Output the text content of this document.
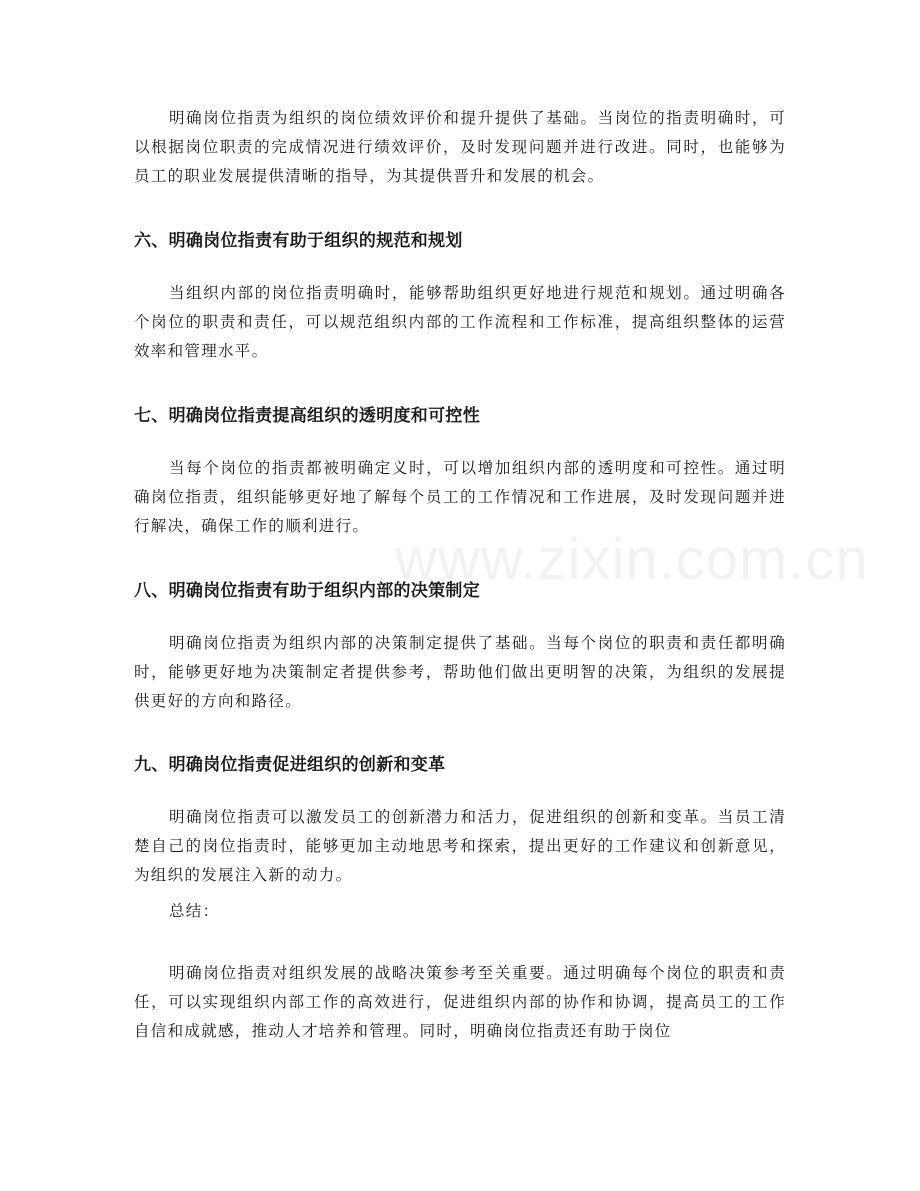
www.zixin.com.cn

明确岗位指责为组织的岗位绩效评价和提升提供了基础。当岗位的指责明确时，可以根据岗位职责的完成情况进行绩效评价，及时发现问题并进行改进。同时，也能够为员工的职业发展提供清晰的指导，为其提供晋升和发展的机会。

六、明确岗位指责有助于组织的规范和规划

当组织内部的岗位指责明确时，能够帮助组织更好地进行规范和规划。通过明确各个岗位的职责和责任，可以规范组织内部的工作流程和工作标准，提高组织整体的运营效率和管理水平。

七、明确岗位指责提高组织的透明度和可控性

当每个岗位的指责都被明确定义时，可以增加组织内部的透明度和可控性。通过明确岗位指责，组织能够更好地了解每个员工的工作情况和工作进展，及时发现问题并进行解决，确保工作的顺利进行。

八、明确岗位指责有助于组织内部的决策制定

明确岗位指责为组织内部的决策制定提供了基础。当每个岗位的职责和责任都明确时，能够更好地为决策制定者提供参考，帮助他们做出更明智的决策，为组织的发展提供更好的方向和路径。

九、明确岗位指责促进组织的创新和变革

明确岗位指责可以激发员工的创新潜力和活力，促进组织的创新和变革。当员工清楚自己的岗位指责时，能够更加主动地思考和探索，提出更好的工作建议和创新意见，为组织的发展注入新的动力。

总结：

明确岗位指责对组织发展的战略决策参考至关重要。通过明确每个岗位的职责和责任，可以实现组织内部工作的高效进行，促进组织内部的协作和协调，提高员工的工作自信和成就感，推动人才培养和管理。同时，明确岗位指责还有助于岗位
